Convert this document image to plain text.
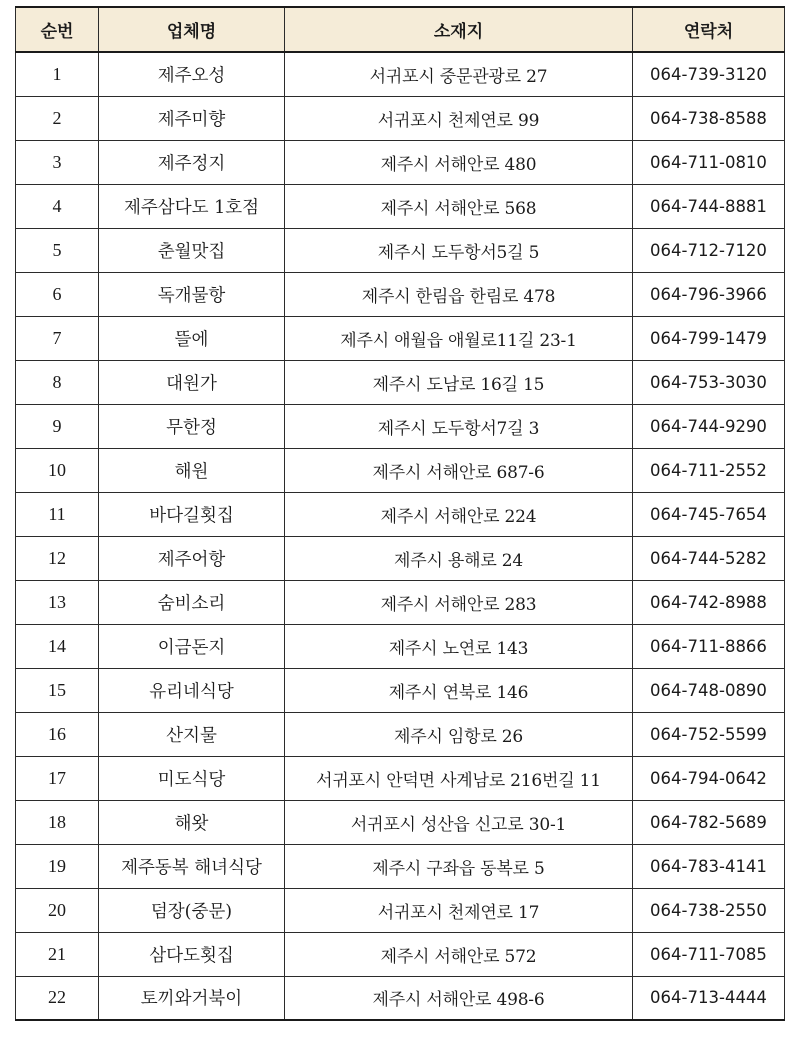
순번	업체명	소재지	연락처
1	제주오성	서귀포시 중문관광로 27	064-739-3120
2	제주미향	서귀포시 천제연로 99	064-738-8588
3	제주정지	제주시 서해안로 480	064-711-0810
4	제주삼다도 1호점	제주시 서해안로 568	064-744-8881
5	춘월맛집	제주시 도두항서5길 5	064-712-7120
6	독개물항	제주시 한림읍 한림로 478	064-796-3966
7	뜰에	제주시 애월읍 애월로11길 23-1	064-799-1479
8	대원가	제주시 도남로 16길 15	064-753-3030
9	무한정	제주시 도두항서7길 3	064-744-9290
10	해원	제주시 서해안로 687-6	064-711-2552
11	바다길횟집	제주시 서해안로 224	064-745-7654
12	제주어항	제주시 용해로 24	064-744-5282
13	숨비소리	제주시 서해안로 283	064-742-8988
14	이금돈지	제주시 노연로 143	064-711-8866
15	유리네식당	제주시 연북로 146	064-748-0890
16	산지물	제주시 임항로 26	064-752-5599
17	미도식당	서귀포시 안덕면 사계남로 216번길 11	064-794-0642
18	해왓	서귀포시 성산읍 신고로 30-1	064-782-5689
19	제주동복 해녀식당	제주시 구좌읍 동복로 5	064-783-4141
20	덤장(중문)	서귀포시 천제연로 17	064-738-2550
21	삼다도횟집	제주시 서해안로 572	064-711-7085
22	토끼와거북이	제주시 서해안로 498-6	064-713-4444
